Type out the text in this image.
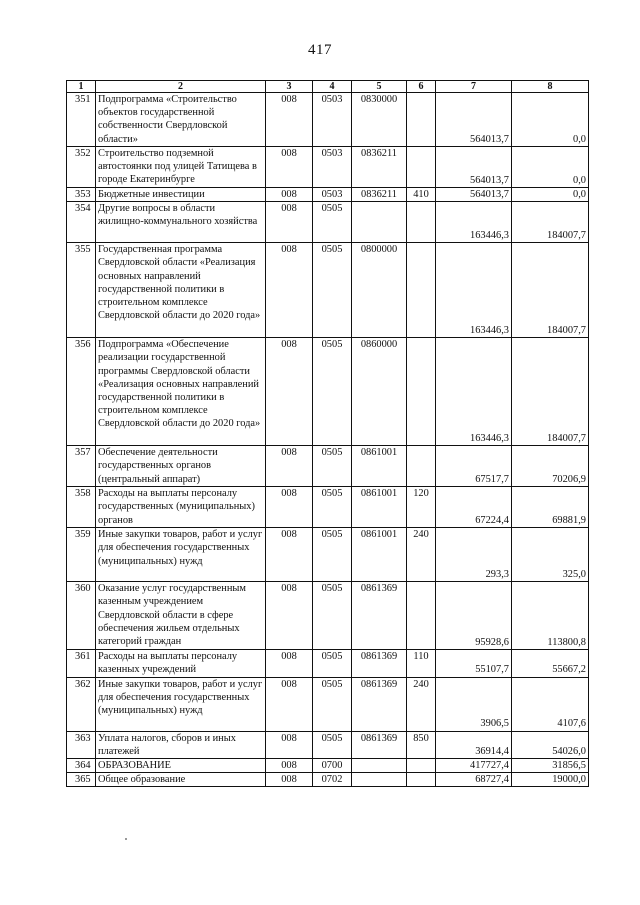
417
1	2	3	4	5	6	7	8
351	Подпрограмма «Строительство объектов государственной собственности Свердловской области»	008	0503	0830000		564013,7	0,0
352	Строительство подземной автостоянки под улицей Татищева в городе Екатеринбурге	008	0503	0836211		564013,7	0,0
353	Бюджетные инвестиции	008	0503	0836211	410	564013,7	0,0
354	Другие вопросы в области жилищно-коммунального хозяйства	008	0505			163446,3	184007,7
355	Государственная программа Свердловской области «Реализация основных направлений государственной политики в строительном комплексе Свердловской области до 2020 года»	008	0505	0800000		163446,3	184007,7
356	Подпрограмма «Обеспечение реализации государственной программы Свердловской области «Реализация основных направлений государственной политики в строительном комплексе Свердловской области до 2020 года»	008	0505	0860000		163446,3	184007,7
357	Обеспечение деятельности государственных органов (центральный аппарат)	008	0505	0861001		67517,7	70206,9
358	Расходы на выплаты персоналу государственных (муниципальных) органов	008	0505	0861001	120	67224,4	69881,9
359	Иные закупки товаров, работ и услуг для обеспечения государственных (муниципальных) нужд	008	0505	0861001	240	293,3	325,0
360	Оказание услуг государственным казенным учреждением Свердловской области в сфере обеспечения жильем отдельных категорий граждан	008	0505	0861369		95928,6	113800,8
361	Расходы на выплаты персоналу казенных учреждений	008	0505	0861369	110	55107,7	55667,2
362	Иные закупки товаров, работ и услуг для обеспечения государственных (муниципальных) нужд	008	0505	0861369	240	3906,5	4107,6
363	Уплата налогов, сборов и иных платежей	008	0505	0861369	850	36914,4	54026,0
364	ОБРАЗОВАНИЕ	008	0700			417727,4	31856,5
365	Общее образование	008	0702			68727,4	19000,0
